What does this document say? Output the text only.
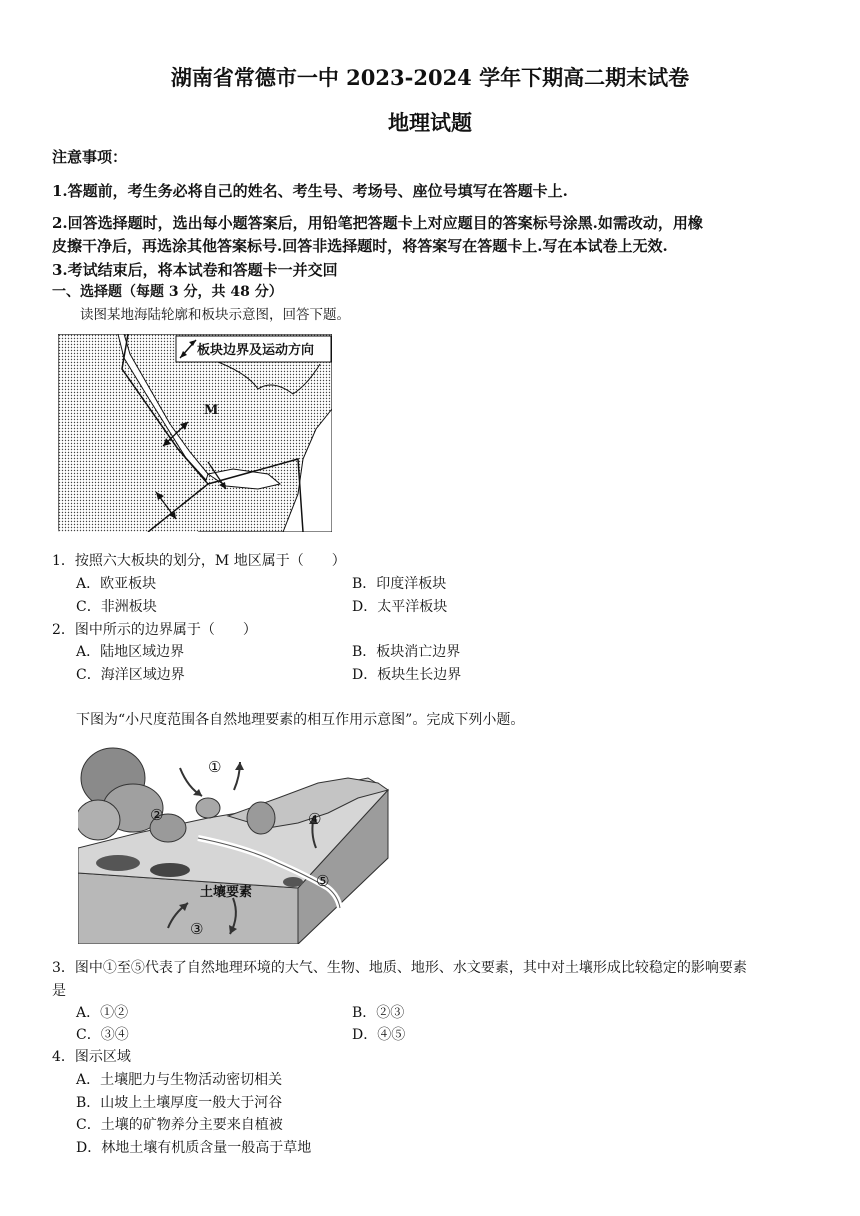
湖南省常德市一中 2023-2024 学年下期高二期末试卷
地理试题
注意事项：
1.答题前，考生务必将自己的姓名、考生号、考场号、座位号填写在答题卡上.
2.回答选择题时，选出每小题答案后，用铅笔把答题卡上对应题目的答案标号涂黑.如需改动，用橡
皮擦干净后，再选涂其他答案标号.回答非选择题时，将答案写在答题卡上.写在本试卷上无效.
3.考试结束后，将本试卷和答题卡一并交回
一、选择题（每题 3 分，共 48 分）
读图某地海陆轮廓和板块示意图，回答下题。
板块边界及运动方向
M
1．按照六大板块的划分，M 地区属于（　　）
A．欧亚板块	B．印度洋板块
C．非洲板块	D．太平洋板块
2．图中所示的边界属于（　　）
A．陆地区域边界	B．板块消亡边界
C．海洋区域边界	D．板块生长边界
下图为“小尺度范围各自然地理要素的相互作用示意图”。完成下列小题。
①
②
③
④
⑤
土壤要素
3．图中①至⑤代表了自然地理环境的大气、生物、地质、地形、水文要素，其中对土壤形成比较稳定的影响要素
是
A．①②	B．②③
C．③④	D．④⑤
4．图示区域
A．土壤肥力与生物活动密切相关
B．山坡上土壤厚度一般大于河谷
C．土壤的矿物养分主要来自植被
D．林地土壤有机质含量一般高于草地
